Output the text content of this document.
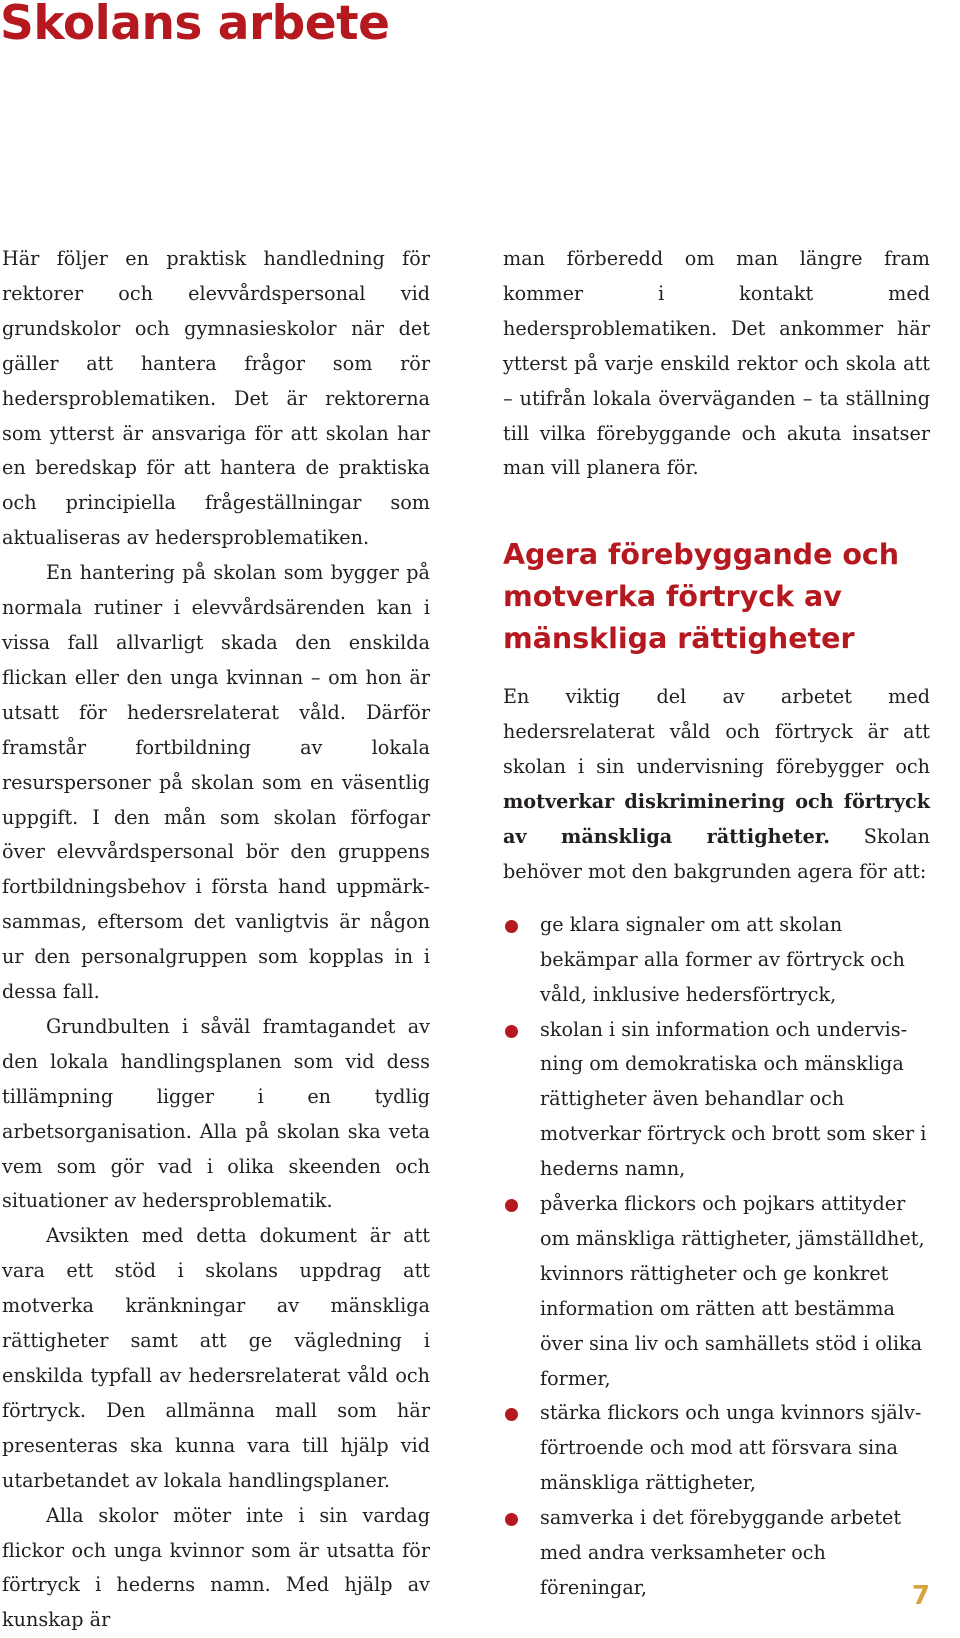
Skolans arbete

Här följer en praktisk handledning för rektorer och elevvårdspersonal vid grundskolor och gymnasieskolor när det gäller att hantera frågor som rör hedersproblematiken. Det är rektorerna som ytterst är ansvariga för att skolan har en beredskap för att hantera de praktiska och principiella frågeställningar som aktualiseras av hedersproblematiken.

En hantering på skolan som bygger på normala rutiner i elevvårdsärenden kan i vissa fall allvarligt skada den enskilda flickan eller den unga kvinnan – om hon är utsatt för hedersrelaterat våld. Därför framstår fortbildning av lokala resurspersoner på skolan som en väsentlig uppgift. I den mån som skolan förfogar över elevvårdspersonal bör den gruppens fortbildningsbehov i första hand uppmärksammas, eftersom det vanligtvis är någon ur den personalgruppen som kopplas in i dessa fall.

Grundbulten i såväl framtagandet av den lokala handlingsplanen som vid dess tillämpning ligger i en tydlig arbetsorganisation. Alla på skolan ska veta vem som gör vad i olika skeenden och situationer av hedersproblematik.

Avsikten med detta dokument är att vara ett stöd i skolans uppdrag att motverka kränkningar av mänskliga rättigheter samt att ge vägledning i enskilda typfall av hedersrelaterat våld och förtryck. Den allmänna mall som här presenteras ska kunna vara till hjälp vid utarbetandet av lokala handlingsplaner.

Alla skolor möter inte i sin vardag flickor och unga kvinnor som är utsatta för förtryck i hederns namn. Med hjälp av kunskap är

man förberedd om man längre fram kommer i kontakt med hedersproblematiken. Det ankommer här ytterst på varje enskild rektor och skola att – utifrån lokala överväganden – ta ställning till vilka förebyggande och akuta insatser man vill planera för.

Agera förebyggande och motverka förtryck av mänskliga rättigheter

En viktig del av arbetet med hedersrelaterat våld och förtryck är att skolan i sin undervisning förebygger och motverkar diskriminering och förtryck av mänskliga rättigheter. Skolan behöver mot den bakgrunden agera för att:

ge klara signaler om att skolan bekämpar alla former av förtryck och våld, inklusive hedersförtryck,
skolan i sin information och undervisning om demokratiska och mänskliga rättigheter även behandlar och motverkar förtryck och brott som sker i hederns namn,
påverka flickors och pojkars attityder om mänskliga rättigheter, jämställdhet, kvinnors rättigheter och ge konkret information om rätten att bestämma över sina liv och samhällets stöd i olika former,
stärka flickors och unga kvinnors självförtroende och mod att försvara sina mänskliga rättigheter,
samverka i det förebyggande arbetet med andra verksamheter och föreningar,	7
